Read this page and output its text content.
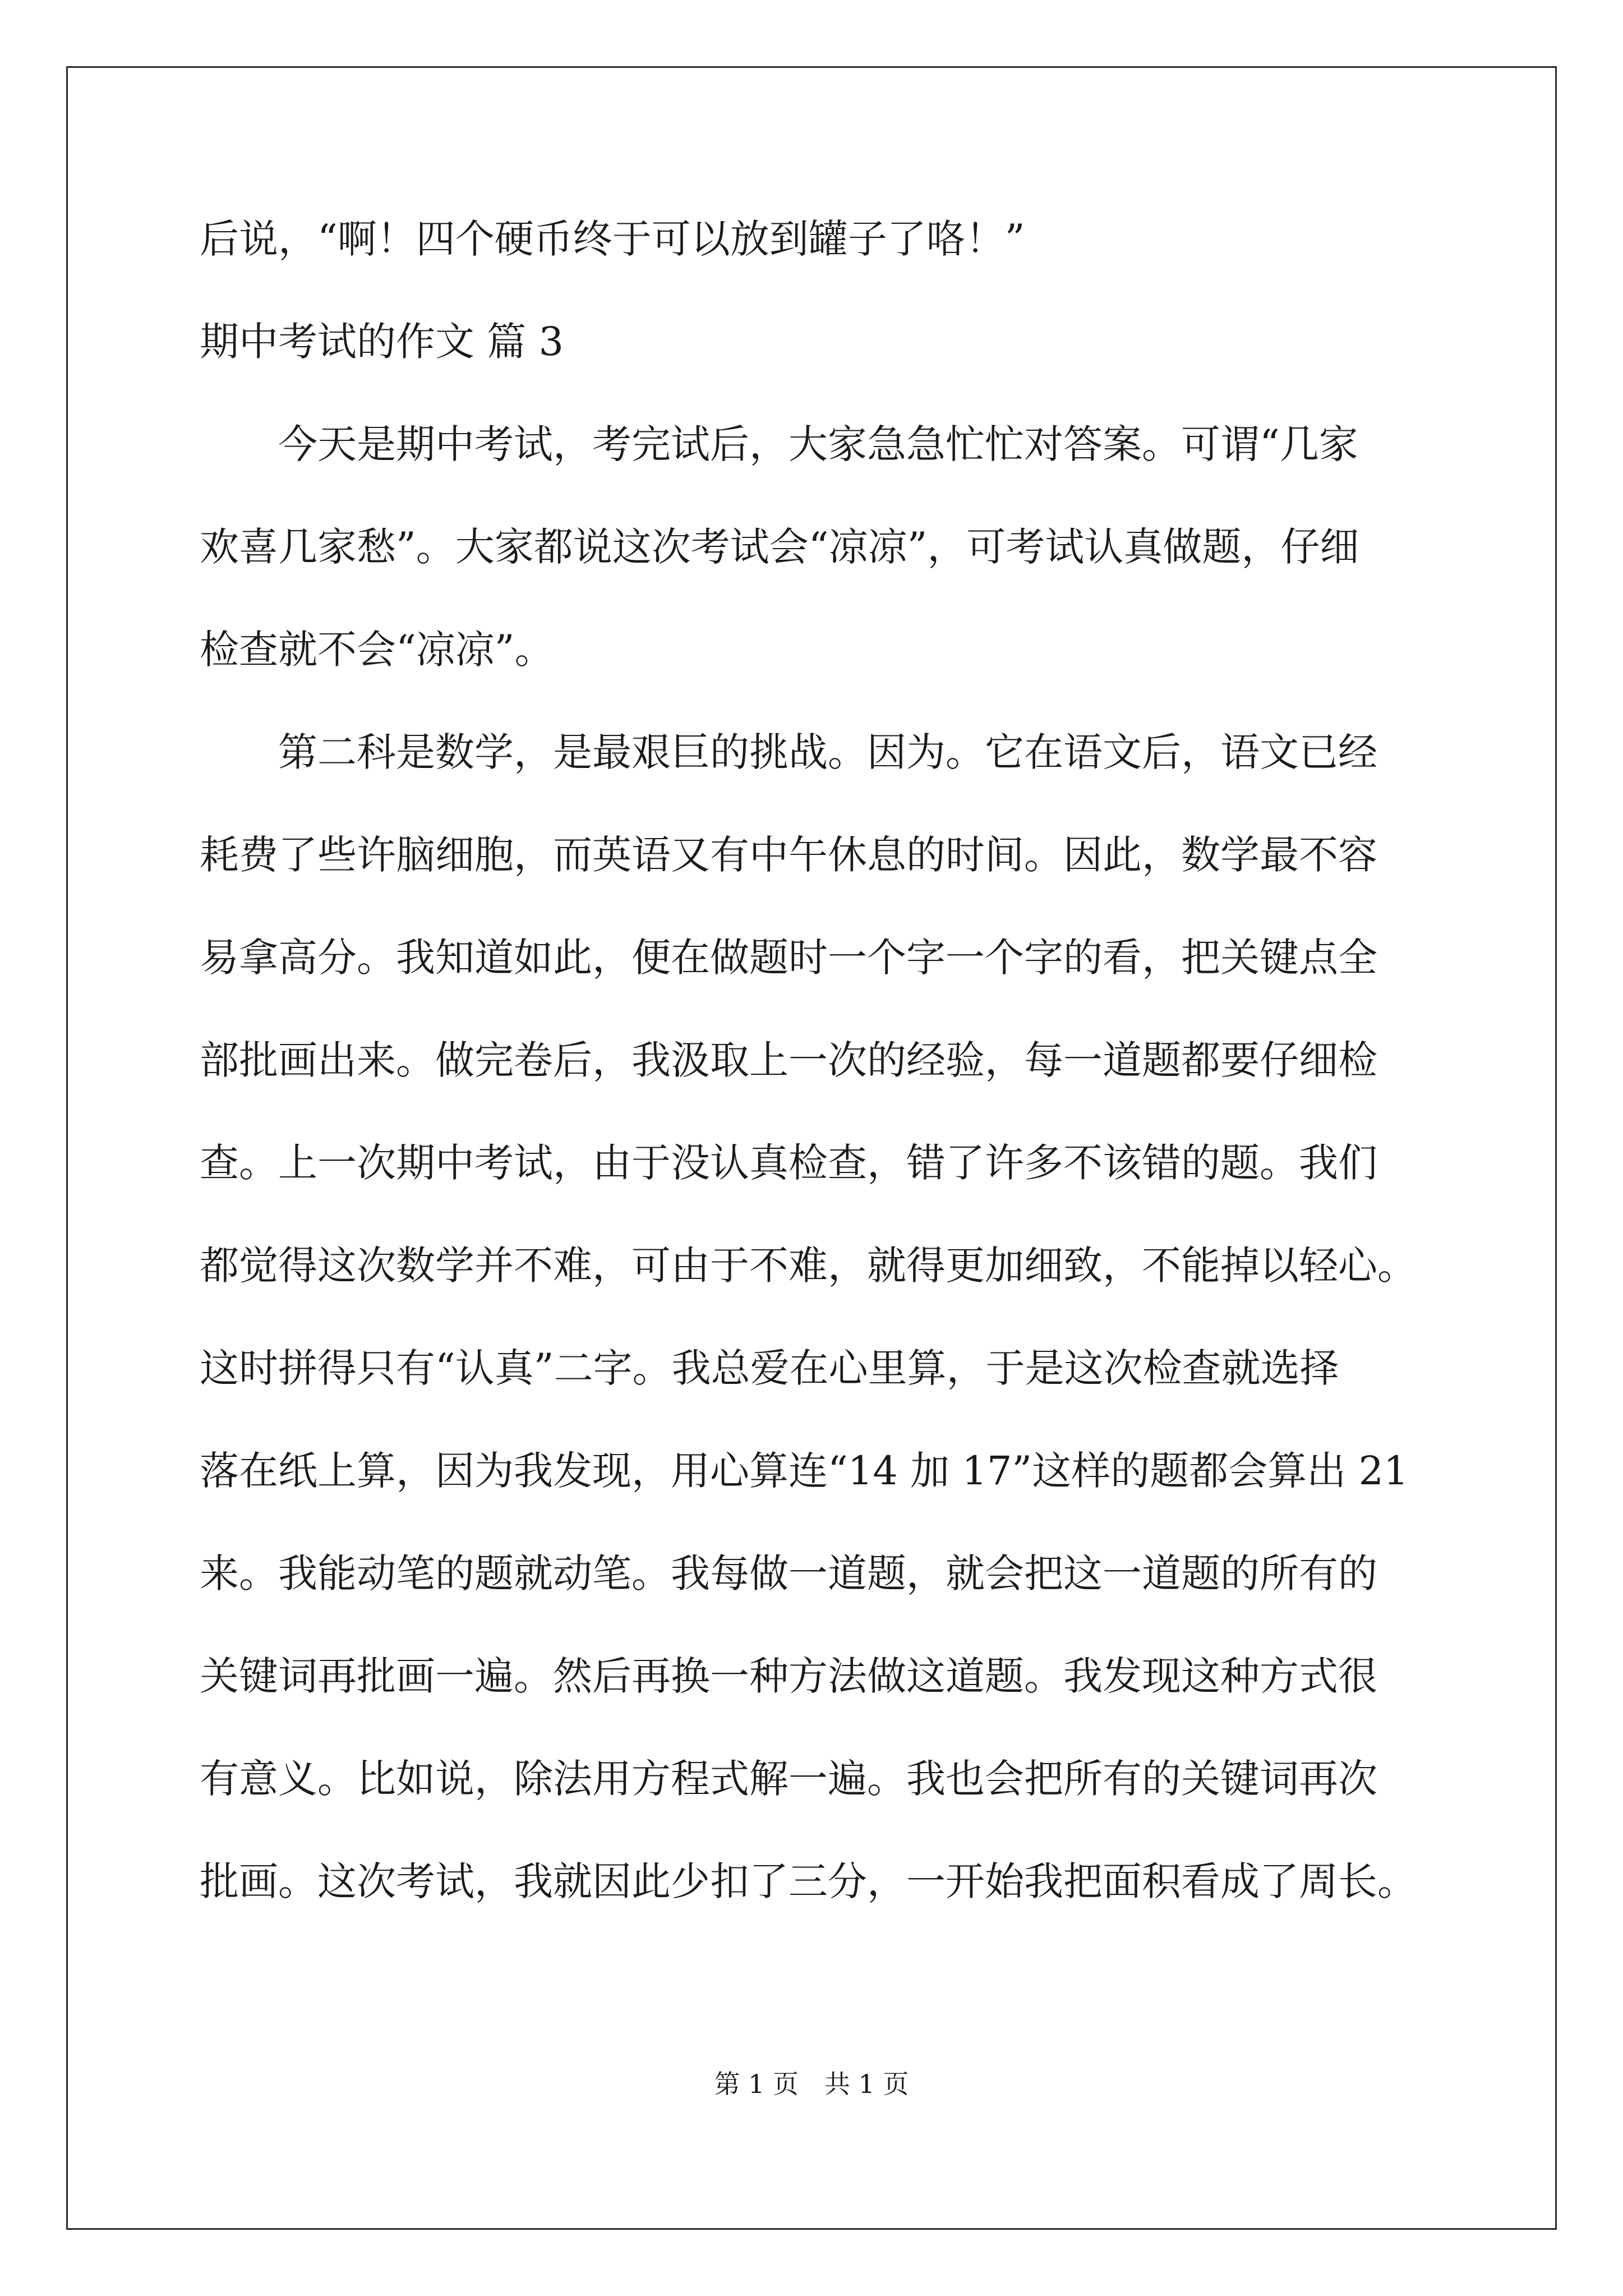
后说，“啊！四个硬币终于可以放到罐子了咯！”
期中考试的作文 篇 3
今天是期中考试，考完试后，大家急急忙忙对答案。可谓“几家
欢喜几家愁”。大家都说这次考试会“凉凉”，可考试认真做题，仔细
检查就不会“凉凉”。
第二科是数学，是最艰巨的挑战。因为。它在语文后，语文已经
耗费了些许脑细胞，而英语又有中午休息的时间。因此，数学最不容
易拿高分。我知道如此，便在做题时一个字一个字的看，把关键点全
部批画出来。做完卷后，我汲取上一次的经验，每一道题都要仔细检
查。上一次期中考试，由于没认真检查，错了许多不该错的题。我们
都觉得这次数学并不难，可由于不难，就得更加细致，不能掉以轻心。
这时拼得只有“认真”二字。我总爱在心里算，于是这次检查就选择
落在纸上算，因为我发现，用心算连“14 加 17”这样的题都会算出 21
来。我能动笔的题就动笔。我每做一道题，就会把这一道题的所有的
关键词再批画一遍。然后再换一种方法做这道题。我发现这种方式很
有意义。比如说，除法用方程式解一遍。我也会把所有的关键词再次
批画。这次考试，我就因此少扣了三分，一开始我把面积看成了周长。
第 1 页　共 1 页
